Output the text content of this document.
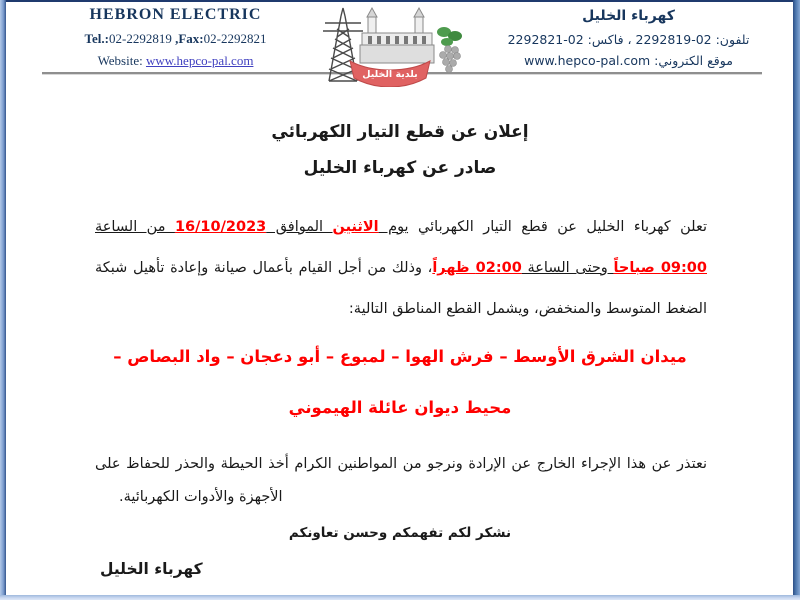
HEBRON ELECTRIC
Tel.:02-2292819 ,Fax:02-2292821
Website: www.hepco-pal.com
بلدية الخليل
كهرباء الخليل
تلفون: 02-2292819 ، فاكس: 02-2292821
موقع الكتروني: www.hepco-pal.com
إعلان عن قطع التيار الكهربائي
صادر عن كهرباء الخليل
تعلن كهرباء الخليل عن قطع التيار الكهربائي يوم الاثنين الموافق 16/10/2023 من الساعة
09:00 صباحاً وحتى الساعة 02:00 ظهراً، وذلك من أجل القيام بأعمال صيانة وإعادة تأهيل شبكة
الضغط المتوسط والمنخفض، ويشمل القطع المناطق التالية:
ميدان الشرق الأوسط – فرش الهوا – لمبوع – أبو دعجان – واد البصاص –
محيط ديوان عائلة الهيموني
نعتذر عن هذا الإجراء الخارج عن الإرادة ونرجو من المواطنين الكرام أخذ الحيطة والحذر للحفاظ على
الأجهزة والأدوات الكهربائية.
نشكر لكم تفهمكم وحسن تعاونكم
كهرباء الخليل
